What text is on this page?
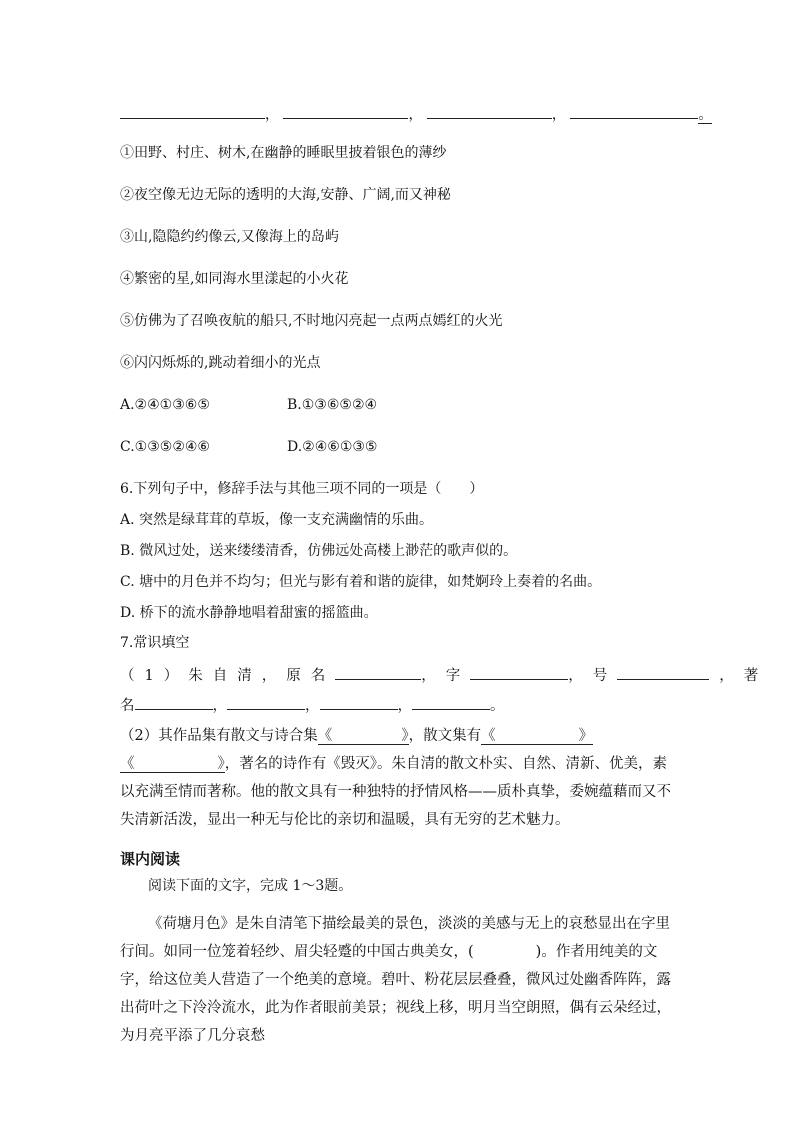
，	，	，	。
①田野、村庄、树木,在幽静的睡眠里披着银色的薄纱
②夜空像无边无际的透明的大海,安静、广阔,而又神秘
③山,隐隐约约像云,又像海上的岛屿
④繁密的星,如同海水里漾起的小火花
⑤仿佛为了召唤夜航的船只,不时地闪亮起一点两点嫣红的火光
⑥闪闪烁烁的,跳动着细小的光点
A.②④①③⑥⑤	B.①③⑥⑤②④
C.①③⑤②④⑥	D.②④⑥①③⑤
6.下列句子中，修辞手法与其他三项不同的一项是（　　）
A. 突然是绿茸茸的草坂，像一支充满幽情的乐曲。
B. 微风过处，送来缕缕清香，仿佛远处高楼上渺茫的歌声似的。
C. 塘中的月色并不均匀；但光与影有着和谐的旋律，如梵婀玲上奏着的名曲。
D. 桥下的流水静静地唱着甜蜜的摇篮曲。
7.常识填空
（1）朱自清，原名	，字	，号	，著
名	，	，	，	。
（2）其作品集有散文与诗合集《               》，散文集有《                  》《                  》，著名的诗作有《毁灭》。朱自清的散文朴实、自然、清新、优美，素以充满至情而著称。他的散文具有一种独特的抒情风格——质朴真挚，委婉蕴藉而又不失清新活泼，显出一种无与伦比的亲切和温暖，具有无穷的艺术魅力。
课内阅读
阅读下面的文字，完成 1～3题。
《荷塘月色》是朱自清笔下描绘最美的景色，淡淡的美感与无上的哀愁显出在字里行间。如同一位笼着轻纱、眉尖轻蹙的中国古典美女，(	)。作者用纯美的文字，给这位美人营造了一个绝美的意境。碧叶、粉花层层叠叠，微风过处幽香阵阵，露出荷叶之下泠泠流水，此为作者眼前美景；视线上移，明月当空朗照，偶有云朵经过，为月亮平添了几分哀愁
